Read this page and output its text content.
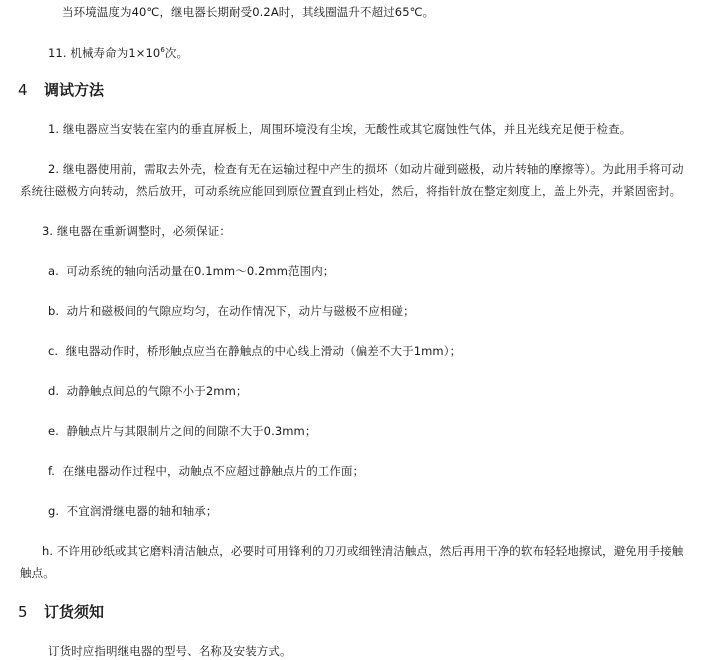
当环境温度为40℃，继电器长期耐受0.2A时，其线圈温升不超过65℃。
11. 机械寿命为$1\times 10^6$次。
4 调试方法
1. 继电器应当安装在室内的垂直屏板上，周围环境没有尘埃，无酸性或其它腐蚀性气体，并且光线充足便于检查。
2. 继电器使用前，需取去外壳，检查有无在运输过程中产生的损坏（如动片碰到磁极，动片转轴的摩擦等）。为此用手将可动
系统往磁极方向转动，然后放开，可动系统应能回到原位置直到止档处，然后，将指针放在整定刻度上，盖上外壳，并紧固密封。
3. 继电器在重新调整时，必须保证：
a. 可动系统的轴向活动量在0.1mm～0.2mm范围内；
b. 动片和磁极间的气隙应均匀，在动作情况下，动片与磁极不应相碰；
c. 继电器动作时，桥形触点应当在静触点的中心线上滑动（偏差不大于1mm）；
d. 动静触点间总的气隙不小于2mm；
e. 静触点片与其限制片之间的间隙不大于0.3mm；
f. 在继电器动作过程中，动触点不应超过静触点片的工作面；
g. 不宜润滑继电器的轴和轴承；
h. 不许用砂纸或其它磨料清洁触点，必要时可用锋利的刀刃或细锉清洁触点，然后再用干净的软布轻轻地擦试，避免用手接触
触点。
5 订货须知
订货时应指明继电器的型号、名称及安装方式。
